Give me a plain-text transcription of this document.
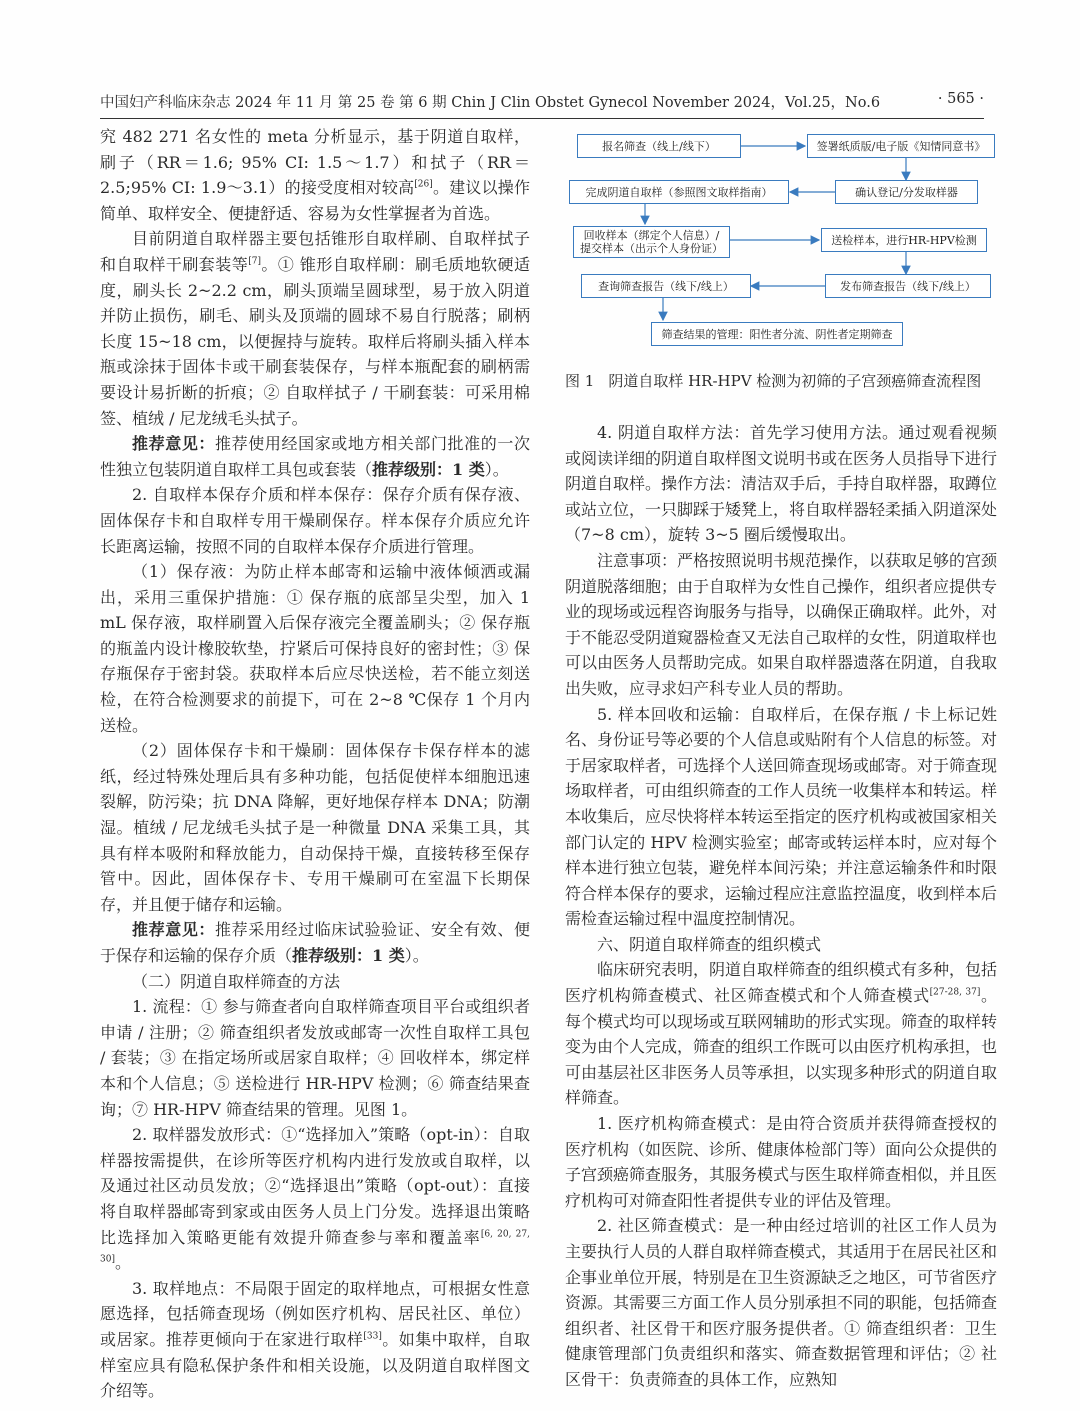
中国妇产科临床杂志 2024 年 11 月 第 25 卷 第 6 期 Chin J Clin Obstet Gynecol November 2024，Vol.25，No.6	· 565 ·

究 482 271 名女性的 meta 分析显示，基于阴道自取样，刷子（RR＝1.6; 95% CI: 1.5～1.7）和拭子（RR＝2.5;95% CI: 1.9～3.1）的接受度相对较高[26]。建议以操作简单、取样安全、便捷舒适、容易为女性掌握者为首选。

目前阴道自取样器主要包括锥形自取样刷、自取样拭子和自取样干刷套装等[7]。① 锥形自取样刷：刷毛质地软硬适度，刷头长 2~2.2 cm，刷头顶端呈圆球型，易于放入阴道并防止损伤，刷毛、刷头及顶端的圆球不易自行脱落；刷柄长度 15~18 cm，以便握持与旋转。取样后将刷头插入样本瓶或涂抹于固体卡或干刷套装保存，与样本瓶配套的刷柄需要设计易折断的折痕；② 自取样拭子 / 干刷套装：可采用棉签、植绒 / 尼龙绒毛头拭子。

推荐意见：推荐使用经国家或地方相关部门批准的一次性独立包装阴道自取样工具包或套装（推荐级别：1 类）。

2. 自取样本保存介质和样本保存：保存介质有保存液、固体保存卡和自取样专用干燥刷保存。样本保存介质应允许长距离运输，按照不同的自取样本保存介质进行管理。

（1）保存液：为防止样本邮寄和运输中液体倾洒或漏出，采用三重保护措施：① 保存瓶的底部呈尖型，加入 1 mL 保存液，取样刷置入后保存液完全覆盖刷头；② 保存瓶的瓶盖内设计橡胶软垫，拧紧后可保持良好的密封性；③ 保存瓶保存于密封袋。获取样本后应尽快送检，若不能立刻送检，在符合检测要求的前提下，可在 2~8 ℃保存 1 个月内送检。

（2）固体保存卡和干燥刷：固体保存卡保存样本的滤纸，经过特殊处理后具有多种功能，包括促使样本细胞迅速裂解，防污染；抗 DNA 降解，更好地保存样本 DNA；防潮湿。植绒 / 尼龙绒毛头拭子是一种微量 DNA 采集工具，其具有样本吸附和释放能力，自动保持干燥，直接转移至保存管中。因此，固体保存卡、专用干燥刷可在室温下长期保存，并且便于储存和运输。

推荐意见：推荐采用经过临床试验验证、安全有效、便于保存和运输的保存介质（推荐级别：1 类）。

（二）阴道自取样筛查的方法

1. 流程：① 参与筛查者向自取样筛查项目平台或组织者申请 / 注册；② 筛查组织者发放或邮寄一次性自取样工具包 / 套装；③ 在指定场所或居家自取样；④ 回收样本，绑定样本和个人信息；⑤ 送检进行 HR-HPV 检测；⑥ 筛查结果查询；⑦ HR-HPV 筛查结果的管理。见图 1。

2. 取样器发放形式：①“选择加入”策略（opt-in）：自取样器按需提供，在诊所等医疗机构内进行发放或自取样，以及通过社区动员发放；②“选择退出”策略（opt-out）：直接将自取样器邮寄到家或由医务人员上门分发。选择退出策略比选择加入策略更能有效提升筛查参与率和覆盖率[6, 20, 27, 30]。

3. 取样地点：不局限于固定的取样地点，可根据女性意愿选择，包括筛查现场（例如医疗机构、居民社区、单位）或居家。推荐更倾向于在家进行取样[33]。如集中取样，自取样室应具有隐私保护条件和相关设施，以及阴道自取样图文介绍等。

报名筛查（线上/线下）	签署纸质版/电子版《知情同意书》
确认登记/分发取样器
完成阴道自取样（参照图文取样指南）
回收样本（绑定个人信息）/
提交样本（出示个人身份证）
送检样本，进行HR-HPV检测
发布筛查报告（线下/线上）
查询筛查报告（线下/线上）
筛查结果的管理：阳性者分流、阴性者定期筛查
图 1 阴道自取样 HR-HPV 检测为初筛的子宫颈癌筛查流程图

4. 阴道自取样方法：首先学习使用方法。通过观看视频或阅读详细的阴道自取样图文说明书或在医务人员指导下进行阴道自取样。操作方法：清洁双手后，手持自取样器，取蹲位或站立位，一只脚踩于矮凳上，将自取样器轻柔插入阴道深处（7~8 cm），旋转 3~5 圈后缓慢取出。

注意事项：严格按照说明书规范操作，以获取足够的宫颈阴道脱落细胞；由于自取样为女性自己操作，组织者应提供专业的现场或远程咨询服务与指导，以确保正确取样。此外，对于不能忍受阴道窥器检查又无法自己取样的女性，阴道取样也可以由医务人员帮助完成。如果自取样器遗落在阴道，自我取出失败，应寻求妇产科专业人员的帮助。

5. 样本回收和运输：自取样后，在保存瓶 / 卡上标记姓名、身份证号等必要的个人信息或贴附有个人信息的标签。对于居家取样者，可选择个人送回筛查现场或邮寄。对于筛查现场取样者，可由组织筛查的工作人员统一收集样本和转运。样本收集后，应尽快将样本转运至指定的医疗机构或被国家相关部门认定的 HPV 检测实验室；邮寄或转运样本时，应对每个样本进行独立包装，避免样本间污染；并注意运输条件和时限符合样本保存的要求，运输过程应注意监控温度，收到样本后需检查运输过程中温度控制情况。

六、阴道自取样筛查的组织模式

临床研究表明，阴道自取样筛查的组织模式有多种，包括医疗机构筛查模式、社区筛查模式和个人筛查模式[27-28, 37]。每个模式均可以现场或互联网辅助的形式实现。筛查的取样转变为由个人完成，筛查的组织工作既可以由医疗机构承担，也可由基层社区非医务人员等承担，以实现多种形式的阴道自取样筛查。

1. 医疗机构筛查模式：是由符合资质并获得筛查授权的医疗机构（如医院、诊所、健康体检部门等）面向公众提供的子宫颈癌筛查服务，其服务模式与医生取样筛查相似，并且医疗机构可对筛查阳性者提供专业的评估及管理。

2. 社区筛查模式：是一种由经过培训的社区工作人员为主要执行人员的人群自取样筛查模式，其适用于在居民社区和企事业单位开展，特别是在卫生资源缺乏之地区，可节省医疗资源。其需要三方面工作人员分别承担不同的职能，包括筛查组织者、社区骨干和医疗服务提供者。① 筛查组织者：卫生健康管理部门负责组织和落实、筛查数据管理和评估；② 社区骨干：负责筛查的具体工作，应熟知
